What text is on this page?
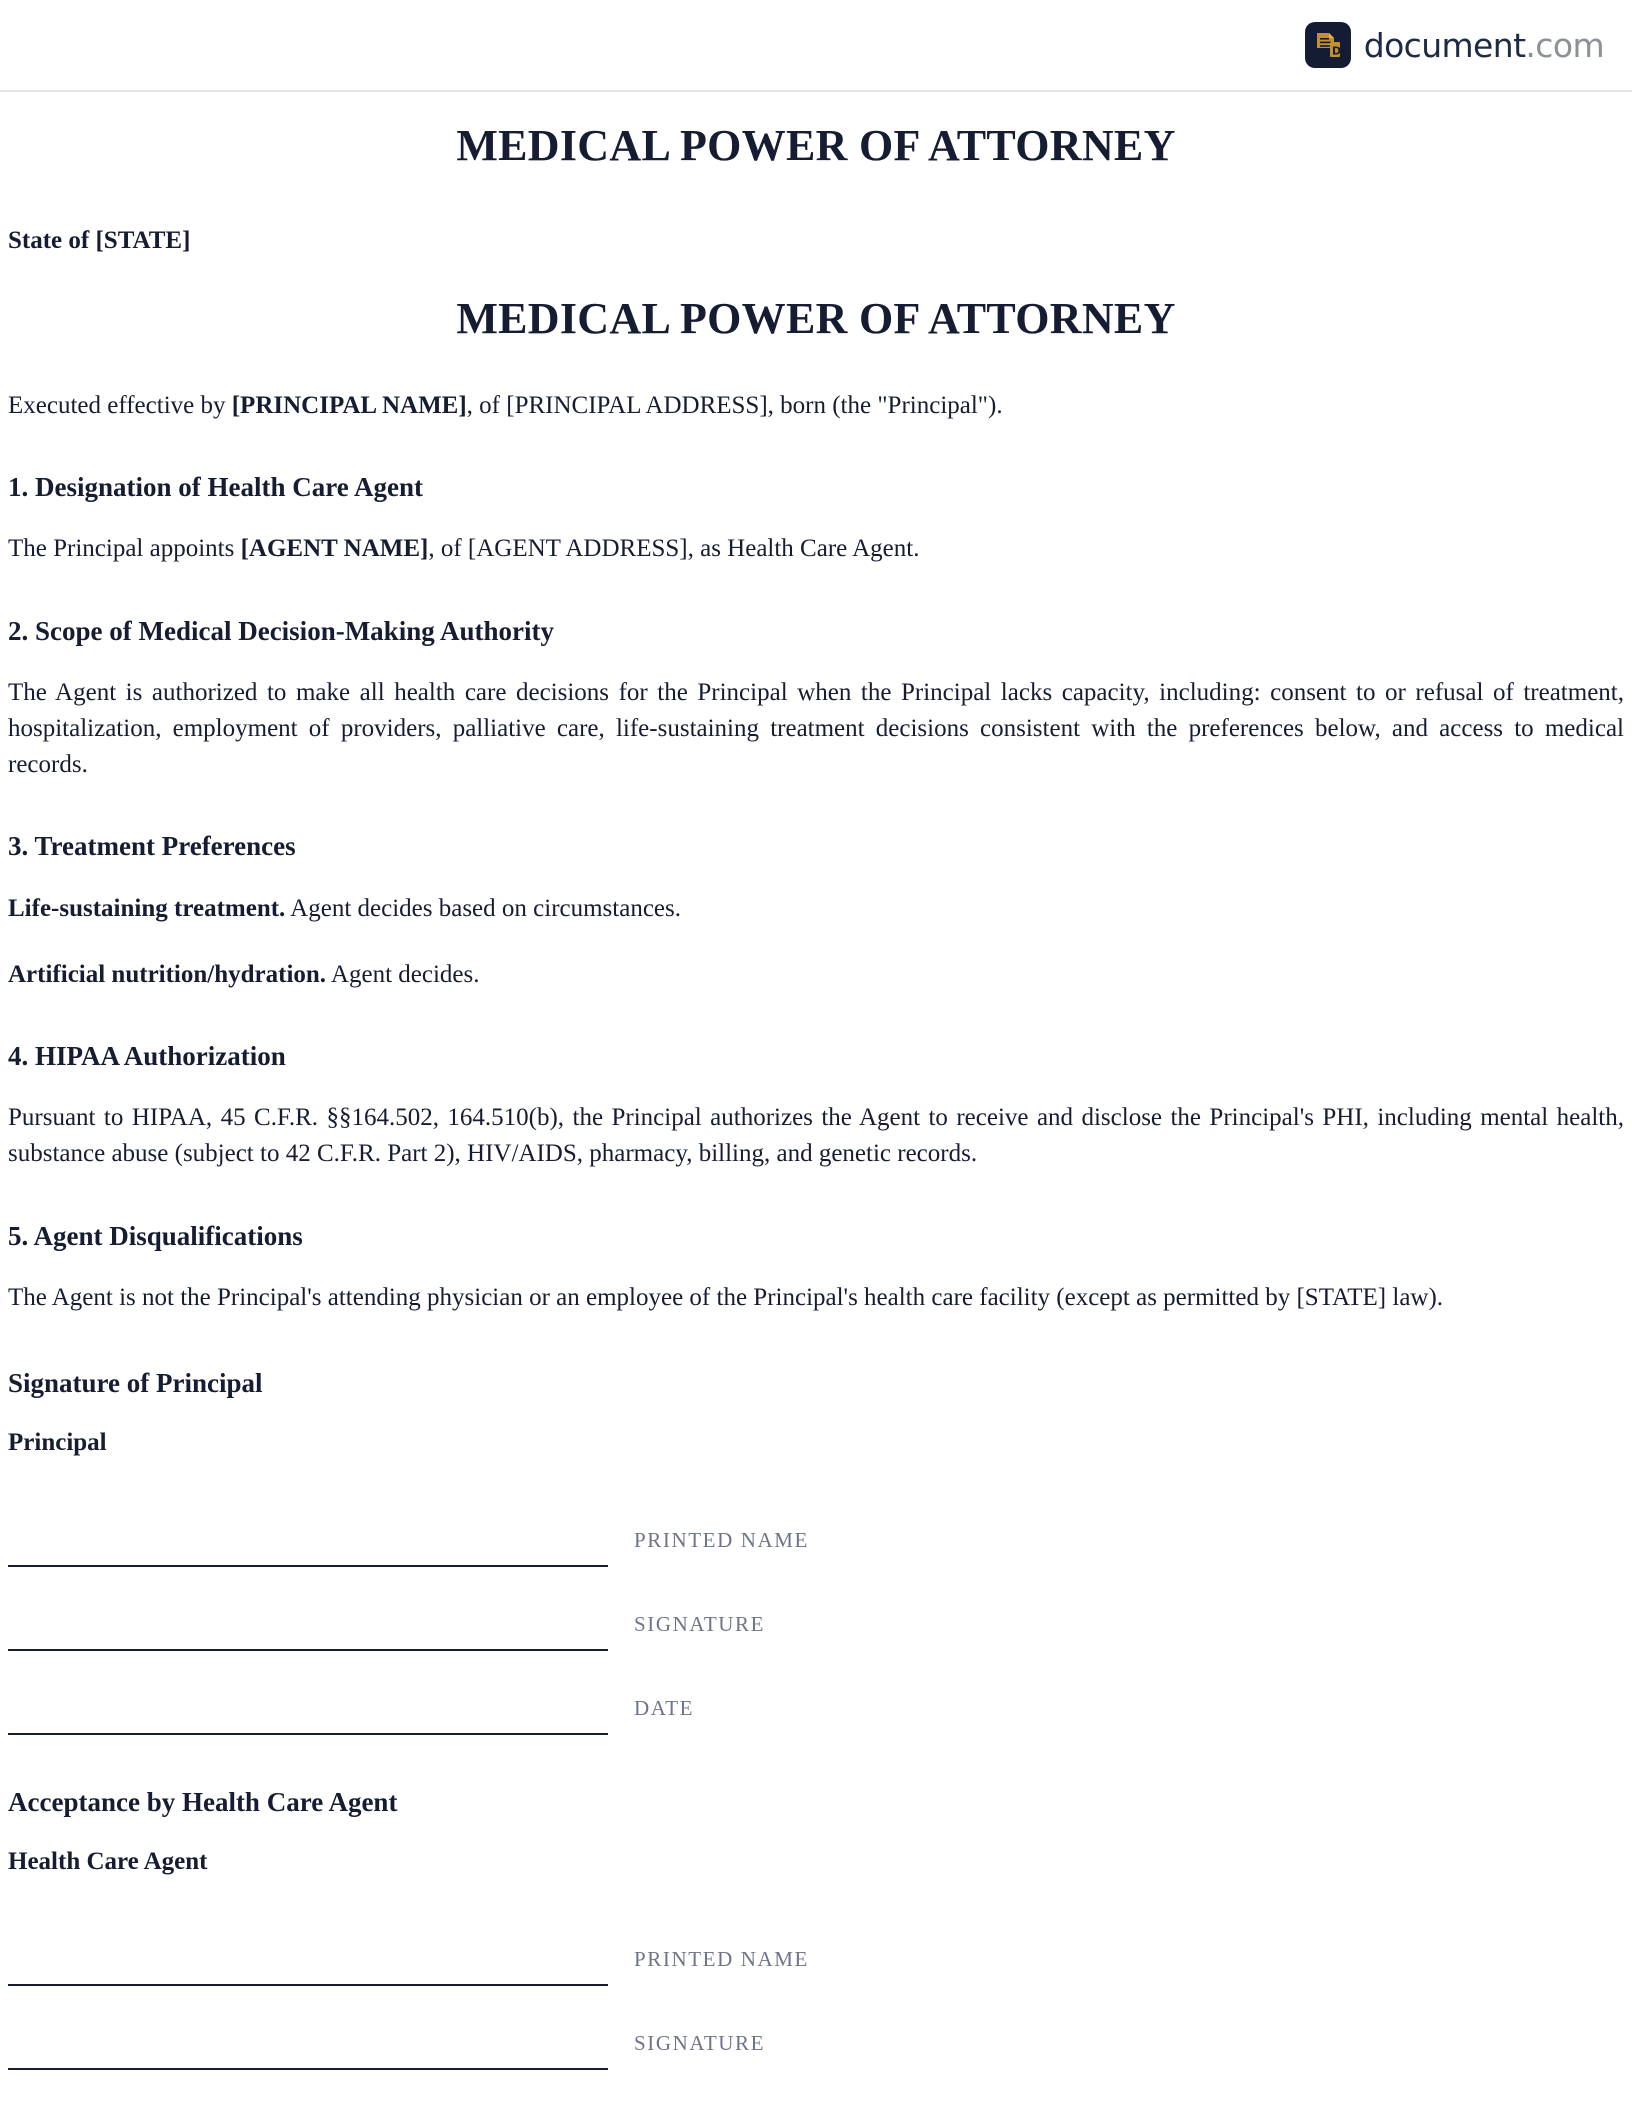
D document.com
MEDICAL POWER OF ATTORNEY

State of [STATE]

MEDICAL POWER OF ATTORNEY

Executed effective by [PRINCIPAL NAME], of [PRINCIPAL ADDRESS], born (the "Principal").

1. Designation of Health Care Agent

The Principal appoints [AGENT NAME], of [AGENT ADDRESS], as Health Care Agent.

2. Scope of Medical Decision-Making Authority

The Agent is authorized to make all health care decisions for the Principal when the Principal lacks capacity, including: consent to or refusal of treatment, hospitalization, employment of providers, palliative care, life-sustaining treatment decisions consistent with the preferences below, and access to medical records.

3. Treatment Preferences

Life-sustaining treatment. Agent decides based on circumstances.

Artificial nutrition/hydration. Agent decides.

4. HIPAA Authorization

Pursuant to HIPAA, 45 C.F.R. §§164.502, 164.510(b), the Principal authorizes the Agent to receive and disclose the Principal's PHI, including mental health, substance abuse (subject to 42 C.F.R. Part 2), HIV/AIDS, pharmacy, billing, and genetic records.

5. Agent Disqualifications

The Agent is not the Principal's attending physician or an employee of the Principal's health care facility (except as permitted by [STATE] law).

Signature of Principal

Principal

PRINTED NAME
SIGNATURE
DATE
Acceptance by Health Care Agent

Health Care Agent

PRINTED NAME
SIGNATURE
